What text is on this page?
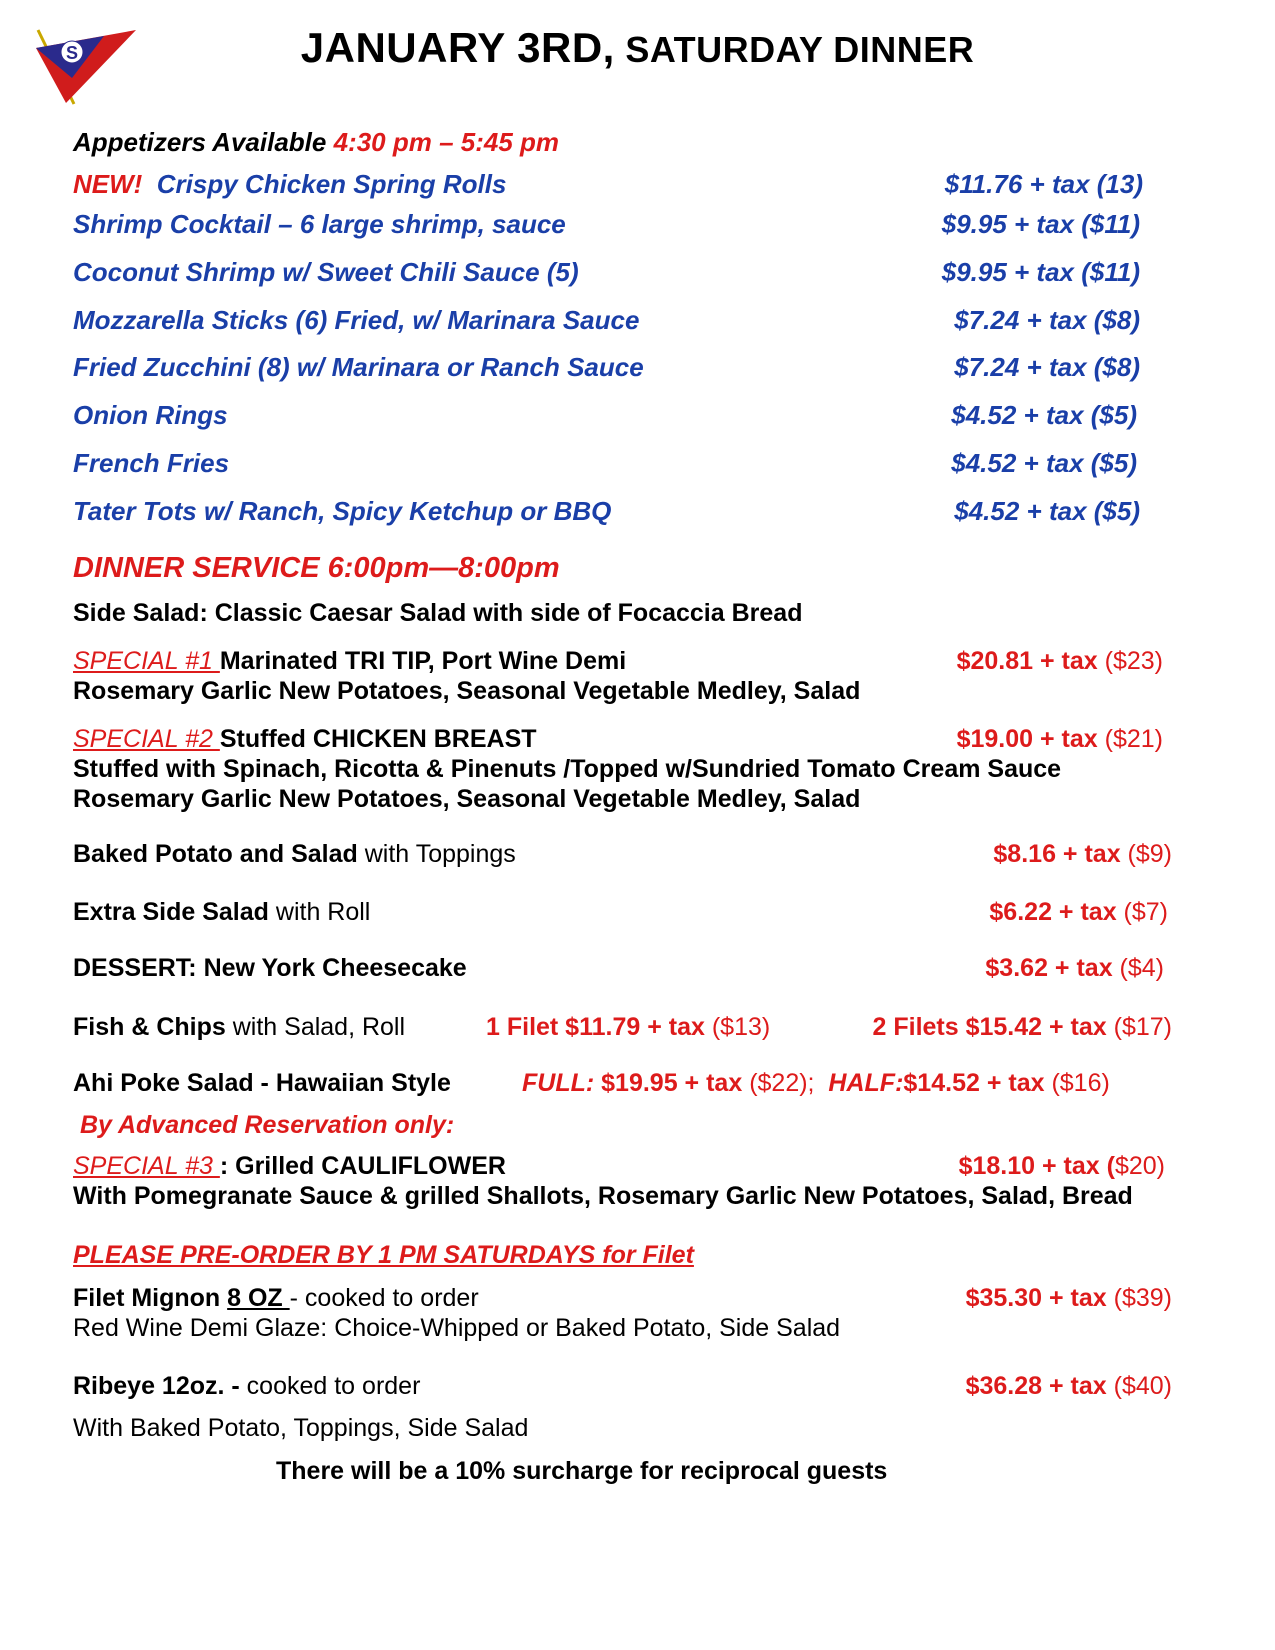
S	JANUARY 3RD, SATURDAY DINNER
Appetizers Available 4:30 pm – 5:45 pm
NEW! Crispy Chicken Spring Rolls	$11.76 + tax (13)
Shrimp Cocktail – 6 large shrimp, sauce	$9.95 + tax ($11)
Coconut Shrimp w/ Sweet Chili Sauce (5)	$9.95 + tax ($11)
Mozzarella Sticks (6) Fried, w/ Marinara Sauce	$7.24 + tax ($8)
Fried Zucchini (8) w/ Marinara or Ranch Sauce	$7.24 + tax ($8)
Onion Rings	$4.52 + tax ($5)
French Fries	$4.52 + tax ($5)
Tater Tots w/ Ranch, Spicy Ketchup or BBQ	$4.52 + tax ($5)
DINNER SERVICE 6:00pm—8:00pm
Side Salad: Classic Caesar Salad with side of Focaccia Bread
SPECIAL #1 Marinated TRI TIP, Port Wine Demi	$20.81 + tax ($23)
Rosemary Garlic New Potatoes, Seasonal Vegetable Medley, Salad
SPECIAL #2 Stuffed CHICKEN BREAST	$19.00 + tax ($21)
Stuffed with Spinach, Ricotta & Pinenuts /Topped w/Sundried Tomato Cream Sauce
Rosemary Garlic New Potatoes, Seasonal Vegetable Medley, Salad
Baked Potato and Salad with Toppings	$8.16 + tax ($9)
Extra Side Salad with Roll	$6.22 + tax ($7)
DESSERT: New York Cheesecake	$3.62 + tax ($4)
Fish & Chips with Salad, Roll	1 Filet $11.79 + tax ($13)	2 Filets $15.42 + tax ($17)
Ahi Poke Salad - Hawaiian Style	FULL: $19.95 + tax ($22); HALF:$14.52 + tax ($16)
By Advanced Reservation only:
SPECIAL #3 : Grilled CAULIFLOWER	$18.10 + tax ($20)
With Pomegranate Sauce & grilled Shallots, Rosemary Garlic New Potatoes, Salad, Bread
PLEASE PRE-ORDER BY 1 PM SATURDAYS for Filet
Filet Mignon 8 OZ - cooked to order	$35.30 + tax ($39)
Red Wine Demi Glaze: Choice-Whipped or Baked Potato, Side Salad
Ribeye 12oz. - cooked to order	$36.28 + tax ($40)
With Baked Potato, Toppings, Side Salad
There will be a 10% surcharge for reciprocal guests
